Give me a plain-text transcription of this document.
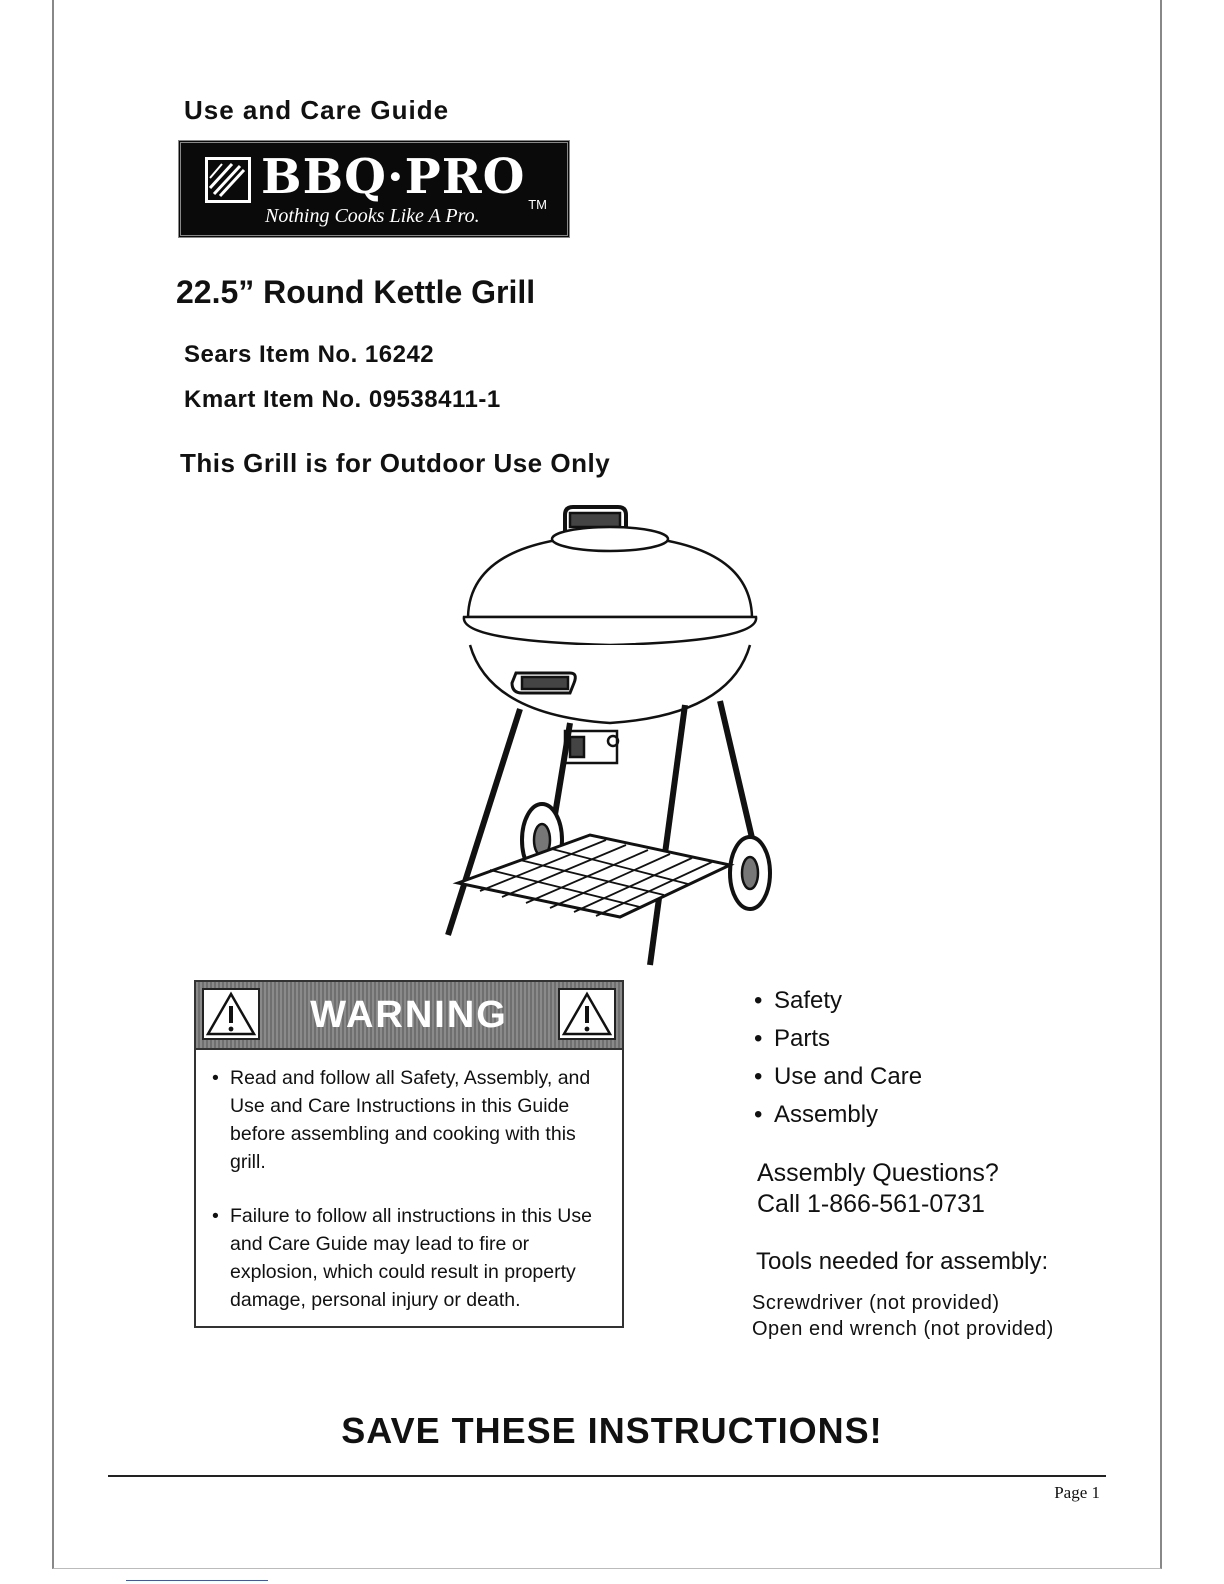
Use and Care Guide
BBQ·PRO
Nothing Cooks Like A Pro.
TM
22.5” Round Kettle Grill
Sears Item No. 16242
Kmart Item No. 09538411-1
This Grill is for Outdoor Use Only
WARNING
• Read and follow all Safety, Assembly, and Use and Care Instructions in this Guide before assembling and cooking with this grill.
• Failure to follow all instructions in this Use and Care Guide may lead to fire or explosion, which could result in property damage, personal injury or death.
• Safety
• Parts
• Use and Care
• Assembly
Assembly Questions?
Call 1-866-561-0731
Tools needed for assembly:
Screwdriver (not provided)
Open end wrench (not provided)
SAVE THESE INSTRUCTIONS!
Page 1
